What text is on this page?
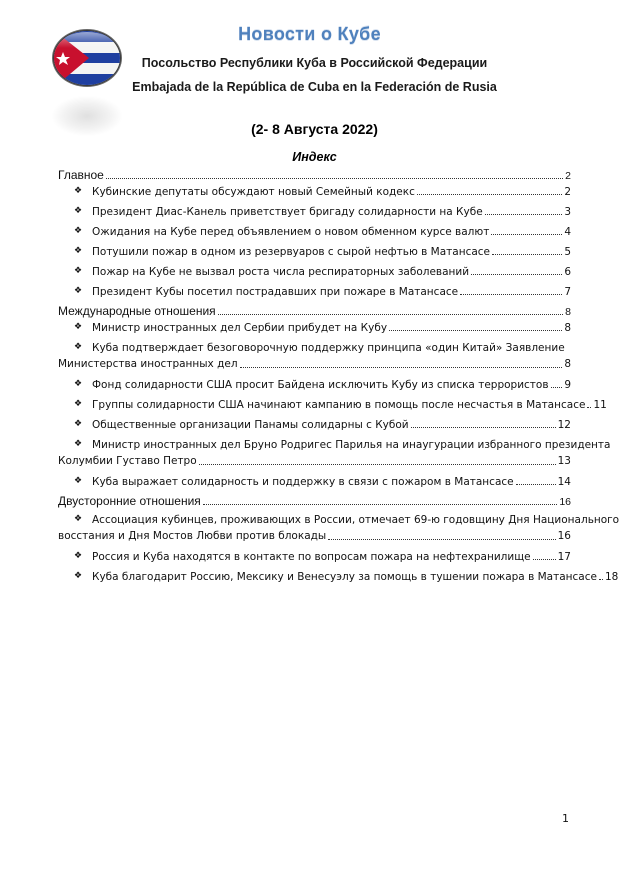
Новости о Кубе
Посольство Республики Куба в Российской Федерации
Embajada de la República de Cuba en la Federación de Rusia
(2- 8 Августа 2022)
Индекс
Главное	2
❖ Кубинские депутаты обсуждают новый Семейный кодекс	2
❖ Президент Диас-Канель приветствует бригаду солидарности на Кубе	3
❖ Ожидания на Кубе перед объявлением о новом обменном курсе валют	4
❖ Потушили пожар в одном из резервуаров с сырой нефтью в Матансасе	5
❖ Пожар на Кубе не вызвал роста числа респираторных заболеваний	6
❖ Президент Кубы посетил пострадавших при пожаре в Матансасе	7
Международные отношения	8
❖ Министр иностранных дел Сербии прибудет на Кубу	8
❖ Куба подтверждает безоговорочную поддержку принципа «один Китай» Заявление
Министерства иностранных дел	8
❖ Фонд солидарности США просит Байдена исключить Кубу из списка террористов 9
❖ Группы солидарности США начинают кампанию в помощь после несчастья в Матансасе 11
❖ Общественные организации Панамы солидарны с Кубой	12
❖ Министр иностранных дел Бруно Родригес Парилья на инаугурации избранного президента
Колумбии Густаво Петро	13
❖ Куба выражает солидарность и поддержку в связи с пожаром в Матансасе	14
Двусторонние отношения	16
❖ Ассоциация кубинцев, проживающих в России, отмечает 69-ю годовщину Дня Национального
восстания и Дня Мостов Любви против блокады	16
❖ Россия и Куба находятся в контакте по вопросам пожара на нефтехранилище	17
❖ Куба благодарит Россию, Мексику и Венесуэлу за помощь в тушении пожара в Матансасе 18
1
